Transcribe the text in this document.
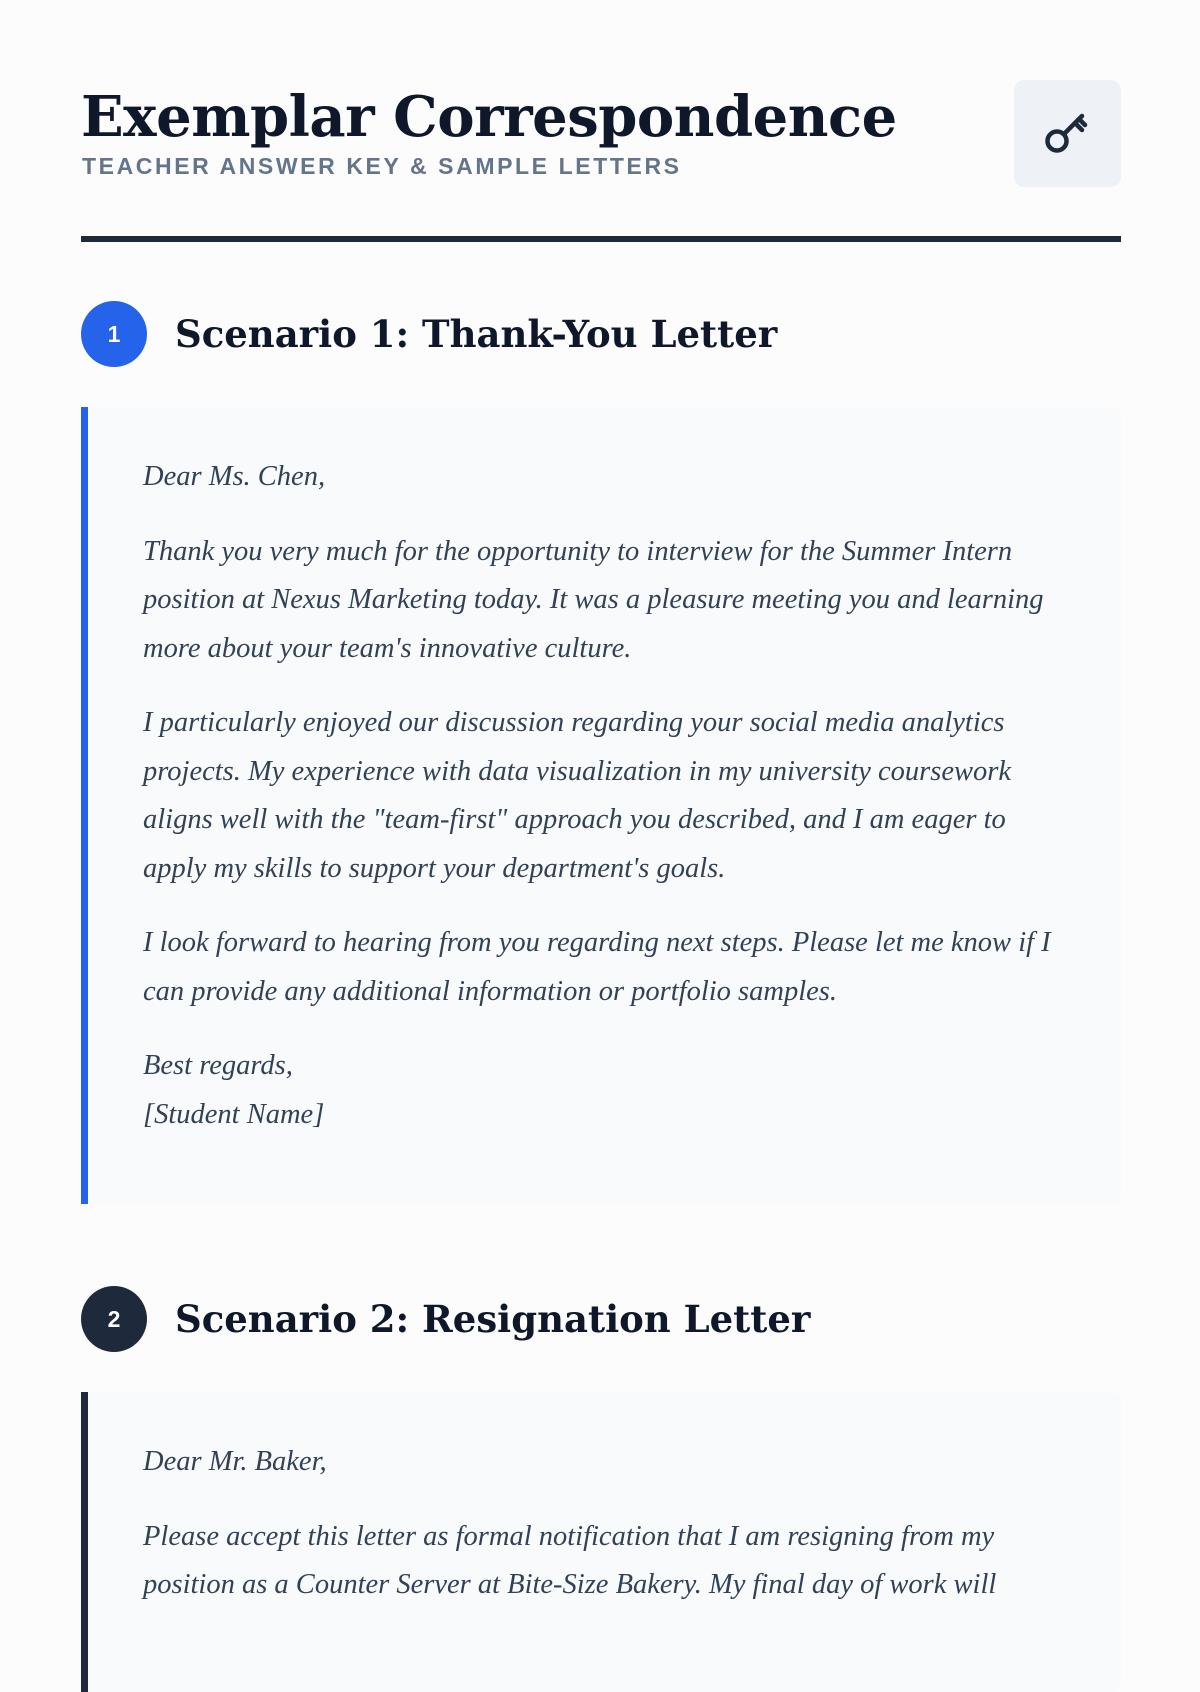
Exemplar Correspondence
TEACHER ANSWER KEY & SAMPLE LETTERS
1	Scenario 1: Thank-You Letter

Dear Ms. Chen,

Thank you very much for the opportunity to interview for the Summer Intern position at Nexus Marketing today. It was a pleasure meeting you and learning more about your team's innovative culture.

I particularly enjoyed our discussion regarding your social media analytics projects. My experience with data visualization in my university coursework aligns well with the "team-first" approach you described, and I am eager to apply my skills to support your department's goals.

I look forward to hearing from you regarding next steps. Please let me know if I can provide any additional information or portfolio samples.

Best regards,

[Student Name]

2	Scenario 2: Resignation Letter

Dear Mr. Baker,

Please accept this letter as formal notification that I am resigning from my position as a Counter Server at Bite-Size Bakery. My final day of work will
